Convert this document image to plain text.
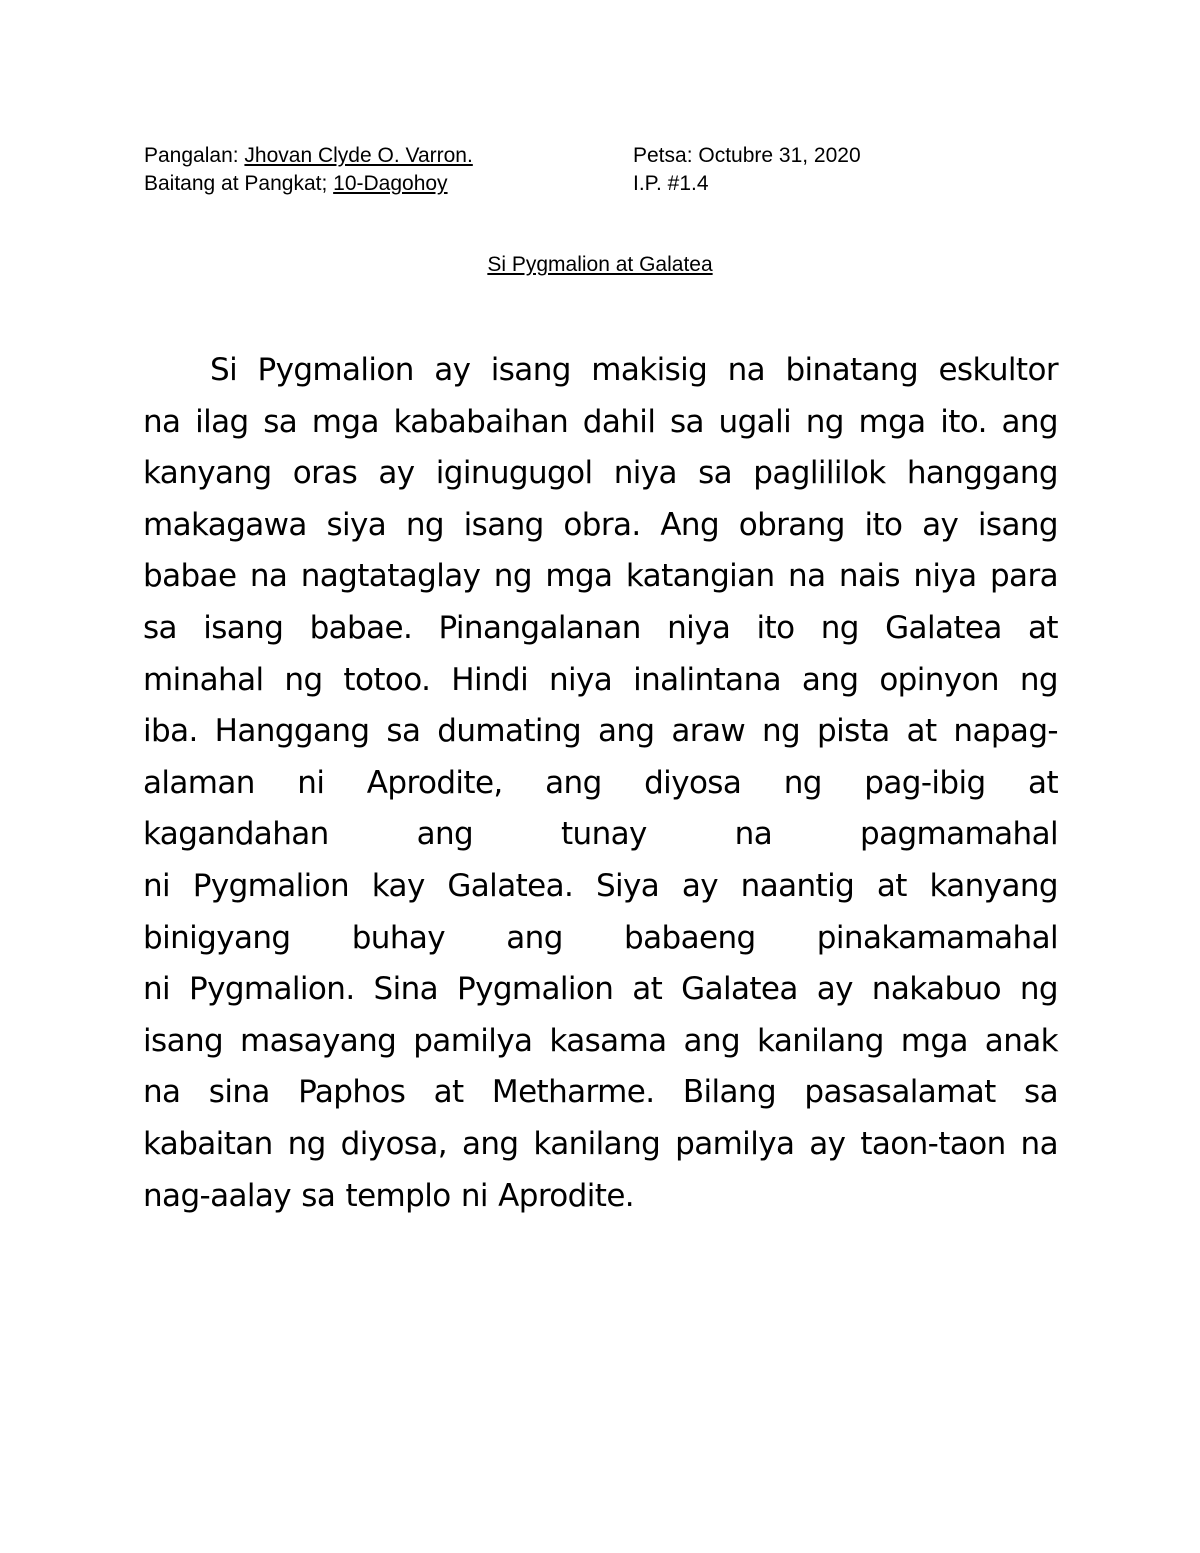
Pangalan: Jhovan Clyde O. Varron.	Petsa: Octubre 31, 2020
Baitang at Pangkat; 10-Dagohoy	I.P. #1.4
Si Pygmalion at Galatea
Si Pygmalion ay isang makisig na binatang eskultor
na ilag sa mga kababaihan dahil sa ugali ng mga ito. ang
kanyang oras ay iginugugol niya sa paglililok hanggang
makagawa siya ng isang obra. Ang obrang ito ay isang
babae na nagtataglay ng mga katangian na nais niya para
sa isang babae. Pinangalanan niya ito ng Galatea at
minahal ng totoo. Hindi niya inalintana ang opinyon ng
iba. Hanggang sa dumating ang araw ng pista at napag-
alaman ni Aprodite, ang diyosa ng pag-ibig at
kagandahan ang tunay na pagmamahal
ni Pygmalion kay Galatea. Siya ay naantig at kanyang
binigyang buhay ang babaeng pinakamamahal
ni Pygmalion. Sina Pygmalion at Galatea ay nakabuo ng
isang masayang pamilya kasama ang kanilang mga anak
na sina Paphos at Metharme. Bilang pasasalamat sa
kabaitan ng diyosa, ang kanilang pamilya ay taon-taon na
nag-aalay sa templo ni Aprodite.
